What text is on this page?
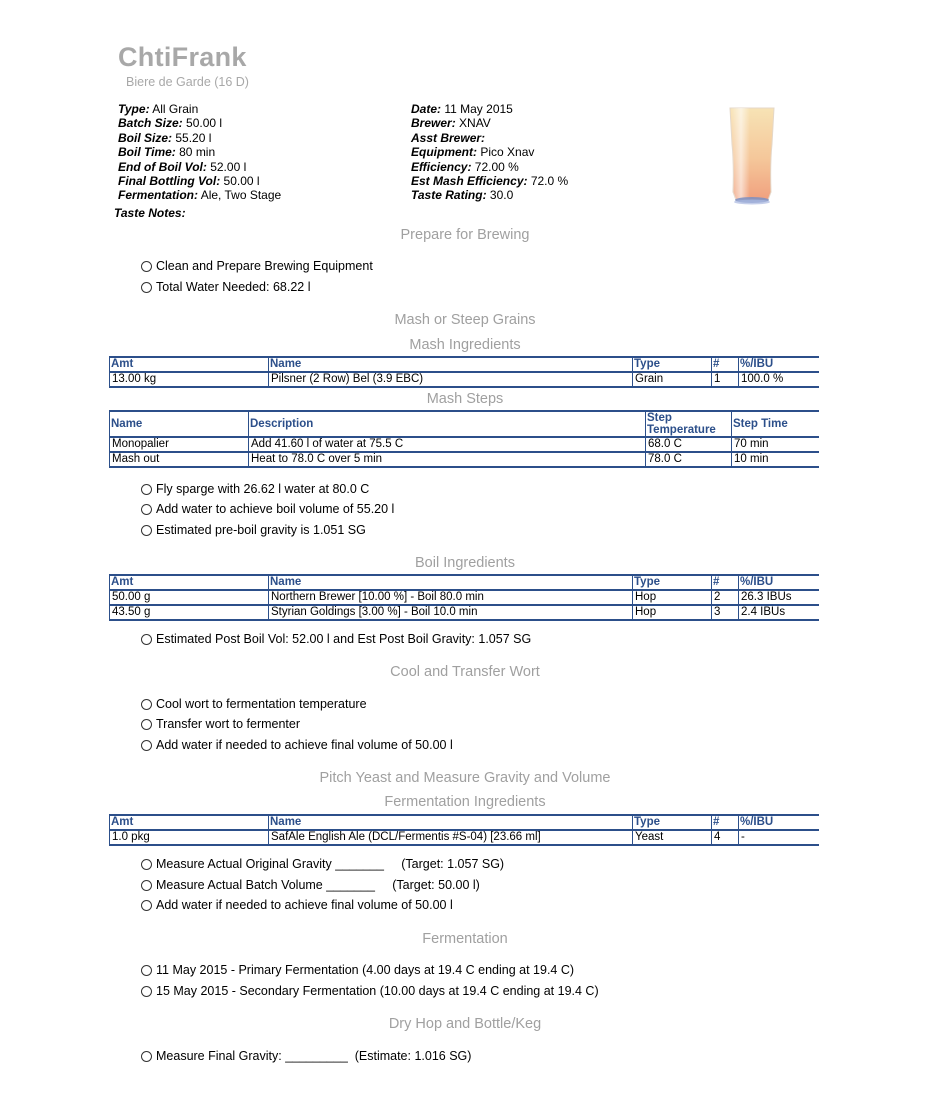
ChtiFrank
Biere de Garde (16 D)
Type: All Grain
Batch Size: 50.00 l
Boil Size: 55.20 l
Boil Time: 80 min
End of Boil Vol: 52.00 l
Final Bottling Vol: 50.00 l
Fermentation: Ale, Two Stage
Date: 11 May 2015
Brewer: XNAV
Asst Brewer:
Equipment: Pico Xnav
Efficiency: 72.00 %
Est Mash Efficiency: 72.0 %
Taste Rating: 30.0
Taste Notes:
Prepare for Brewing
Clean and Prepare Brewing Equipment
Total Water Needed: 68.22 l
Mash or Steep Grains
Mash Ingredients
Amt	Name	Type	#	%/IBU
13.00 kg	Pilsner (2 Row) Bel (3.9 EBC)	Grain	1	100.0 %
Mash Steps
Name	Description	Step Temperature	Step Time
Monopalier	Add 41.60 l of water at 75.5 C	68.0 C	70 min
Mash out	Heat to 78.0 C over 5 min	78.0 C	10 min
Fly sparge with 26.62 l water at 80.0 C
Add water to achieve boil volume of 55.20 l
Estimated pre-boil gravity is 1.051 SG
Boil Ingredients
Amt	Name	Type	#	%/IBU
50.00 g	Northern Brewer [10.00 %] - Boil 80.0 min	Hop	2	26.3 IBUs
43.50 g	Styrian Goldings [3.00 %] - Boil 10.0 min	Hop	3	2.4 IBUs
Estimated Post Boil Vol: 52.00 l and Est Post Boil Gravity: 1.057 SG
Cool and Transfer Wort
Cool wort to fermentation temperature
Transfer wort to fermenter
Add water if needed to achieve final volume of 50.00 l
Pitch Yeast and Measure Gravity and Volume
Fermentation Ingredients
Amt	Name	Type	#	%/IBU
1.0 pkg	SafAle English Ale (DCL/Fermentis #S-04) [23.66 ml]	Yeast	4	-
Measure Actual Original Gravity _______     (Target: 1.057 SG)
Measure Actual Batch Volume _______     (Target: 50.00 l)
Add water if needed to achieve final volume of 50.00 l
Fermentation
11 May 2015 - Primary Fermentation (4.00 days at 19.4 C ending at 19.4 C)
15 May 2015 - Secondary Fermentation (10.00 days at 19.4 C ending at 19.4 C)
Dry Hop and Bottle/Keg
Measure Final Gravity: _________  (Estimate: 1.016 SG)
